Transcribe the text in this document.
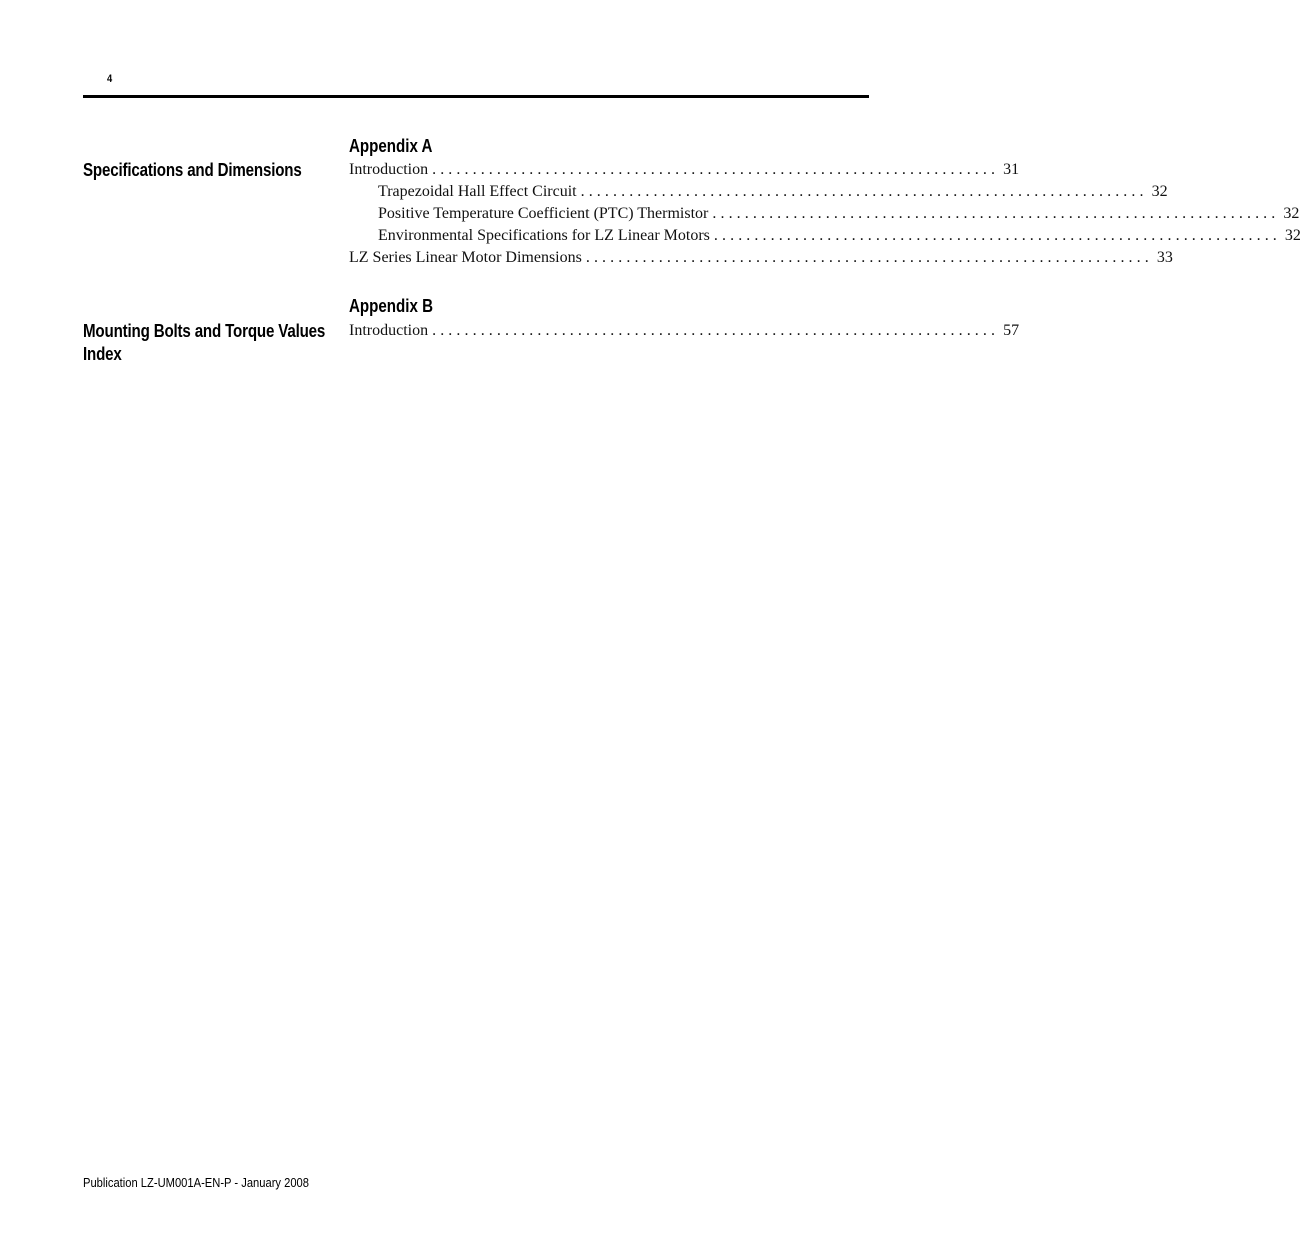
4
Appendix A
Specifications and Dimensions	Introduction ...................................................................... 31
Trapezoidal Hall Effect Circuit ...................................................................... 32
Positive Temperature Coefficient (PTC) Thermistor ...................................................................... 32
Environmental Specifications for LZ Linear Motors ...................................................................... 32
LZ Series Linear Motor Dimensions ...................................................................... 33
Appendix B
Mounting Bolts and Torque Values Introduction ...................................................................... 57
Index
Publication LZ-UM001A-EN-P - January 2008
